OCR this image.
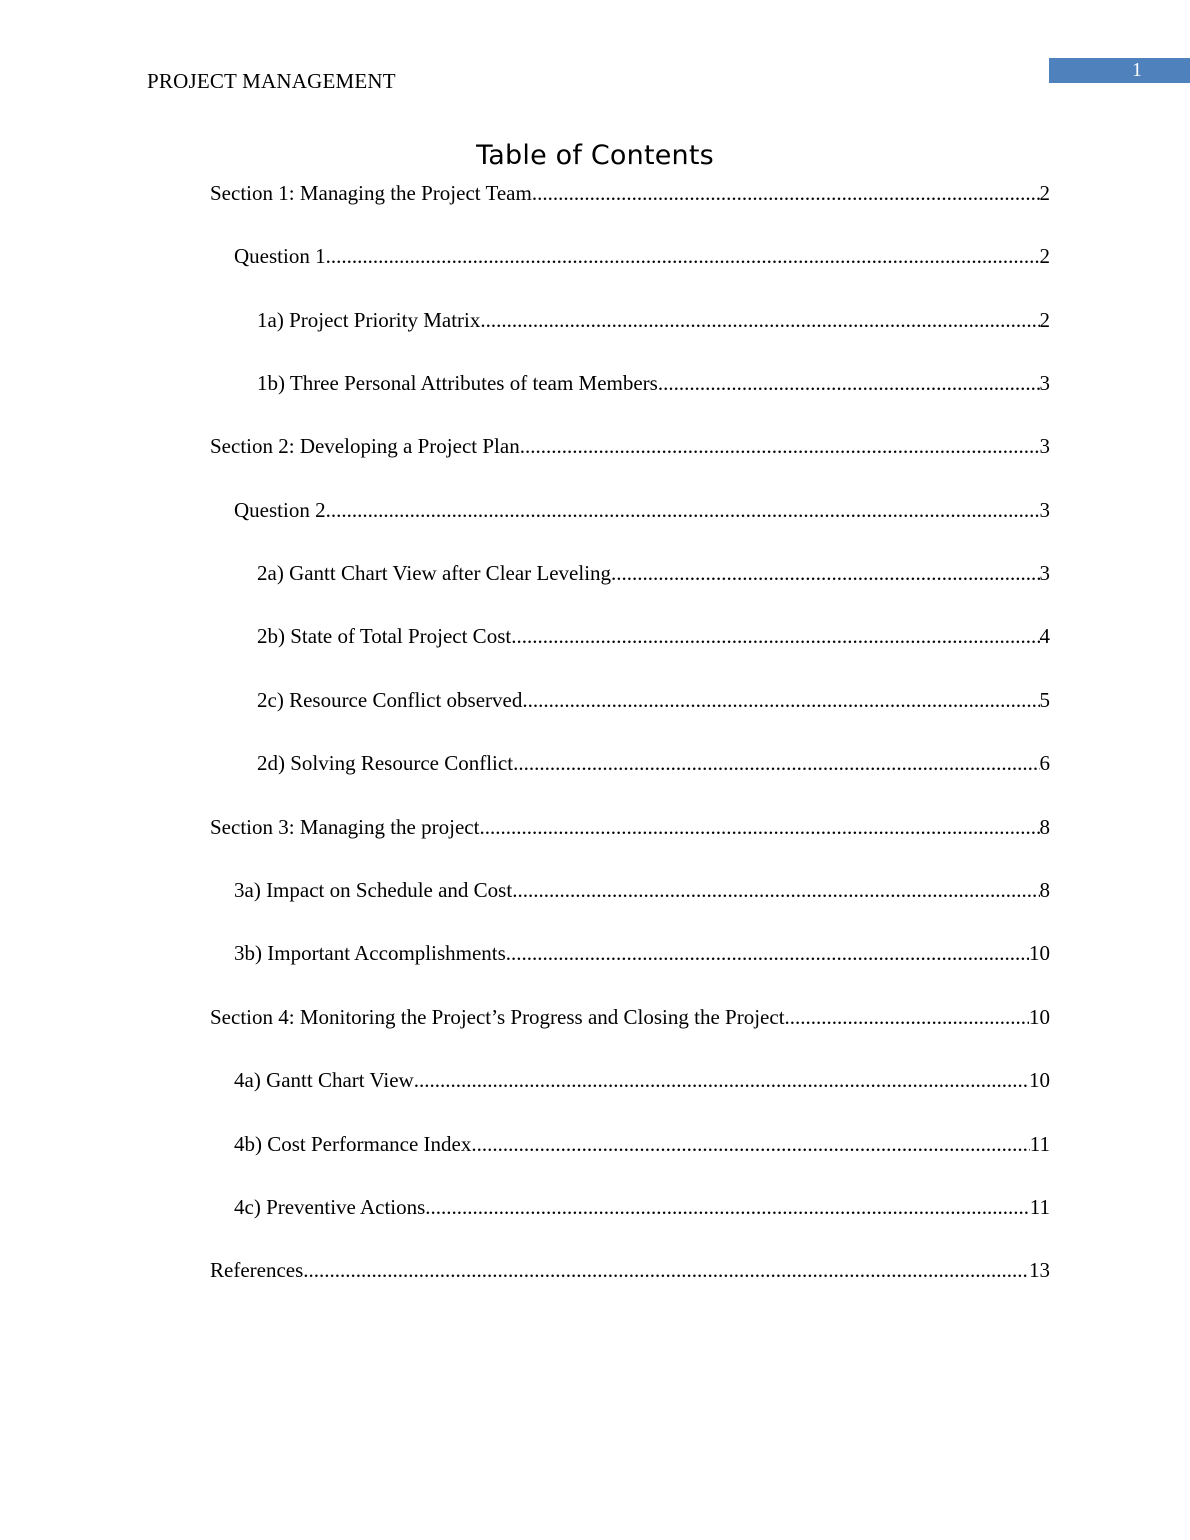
PROJECT MANAGEMENT	1
Table of Contents
Section 1: Managing the Project Team .....	2
Question 1 .....	2
1a) Project Priority Matrix .....	2
1b) Three Personal Attributes of team Members .....	3
Section 2: Developing a Project Plan .....	3
Question 2 .....	3
2a) Gantt Chart View after Clear Leveling .....	3
2b) State of Total Project Cost .....	4
2c) Resource Conflict observed .....	5
2d) Solving Resource Conflict .....	6
Section 3: Managing the project .....	8
3a) Impact on Schedule and Cost .....	8
3b) Important Accomplishments .....	10
Section 4: Monitoring the Project’s Progress and Closing the Project .....	10
4a) Gantt Chart View .....	10
4b) Cost Performance Index .....	11
4c) Preventive Actions .....	11
References .....	13
